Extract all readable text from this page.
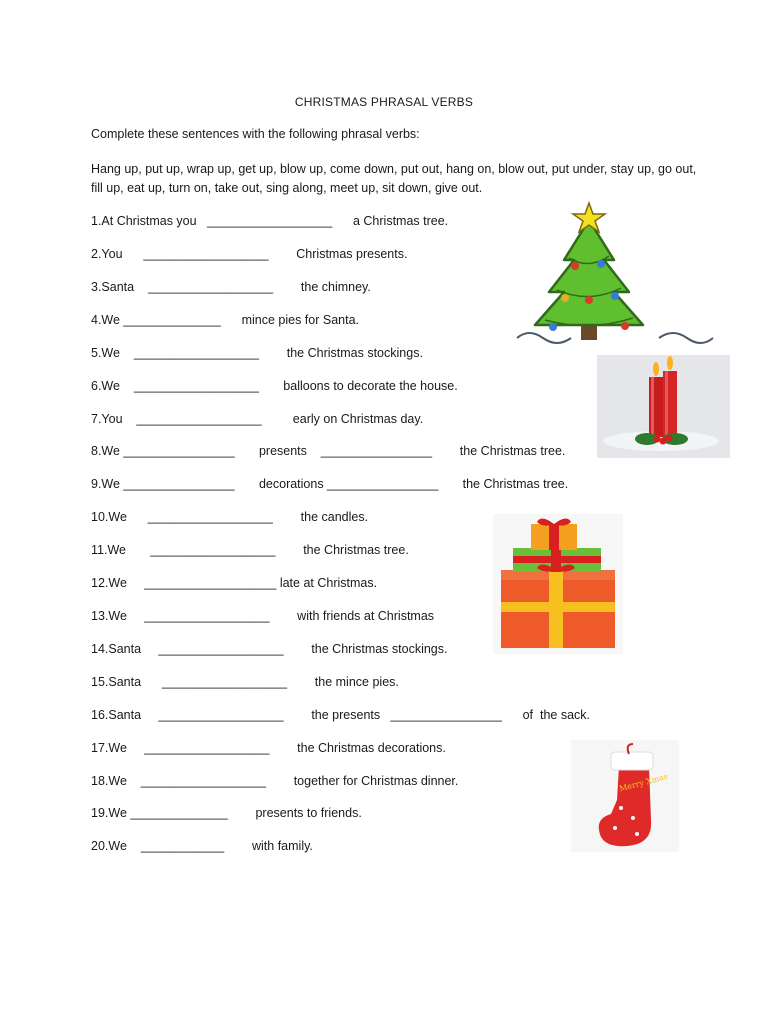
CHRISTMAS PHRASAL VERBS
Complete these sentences with the following phrasal verbs:
Hang up, put up, wrap up, get up, blow up, come down, put out, hang on, blow out, put under, stay up, go out, fill up, eat up, turn on, take out, sing along, meet up, sit down, give out.
1.At Christmas you   __________________      a Christmas tree.
2.You      __________________        Christmas presents.
3.Santa    __________________        the chimney.
4.We ______________      mince pies for Santa.
5.We    __________________        the Christmas stockings.
6.We    __________________       balloons to decorate the house.
7.You    __________________         early on Christmas day.
8.We ________________       presents    ________________        the Christmas tree.
9.We ________________       decorations ________________       the Christmas tree.
10.We      __________________        the candles.
11.We       __________________        the Christmas tree.
12.We     ___________________ late at Christmas.
13.We     __________________        with friends at Christmas
14.Santa     __________________        the Christmas stockings.
15.Santa      __________________        the mince pies.
16.Santa     __________________        the presents   ________________      of  the sack.
17.We     __________________        the Christmas decorations.
18.We    __________________        together for Christmas dinner.
19.We ______________        presents to friends.
20.We    ____________        with family.
Merry Xmas
